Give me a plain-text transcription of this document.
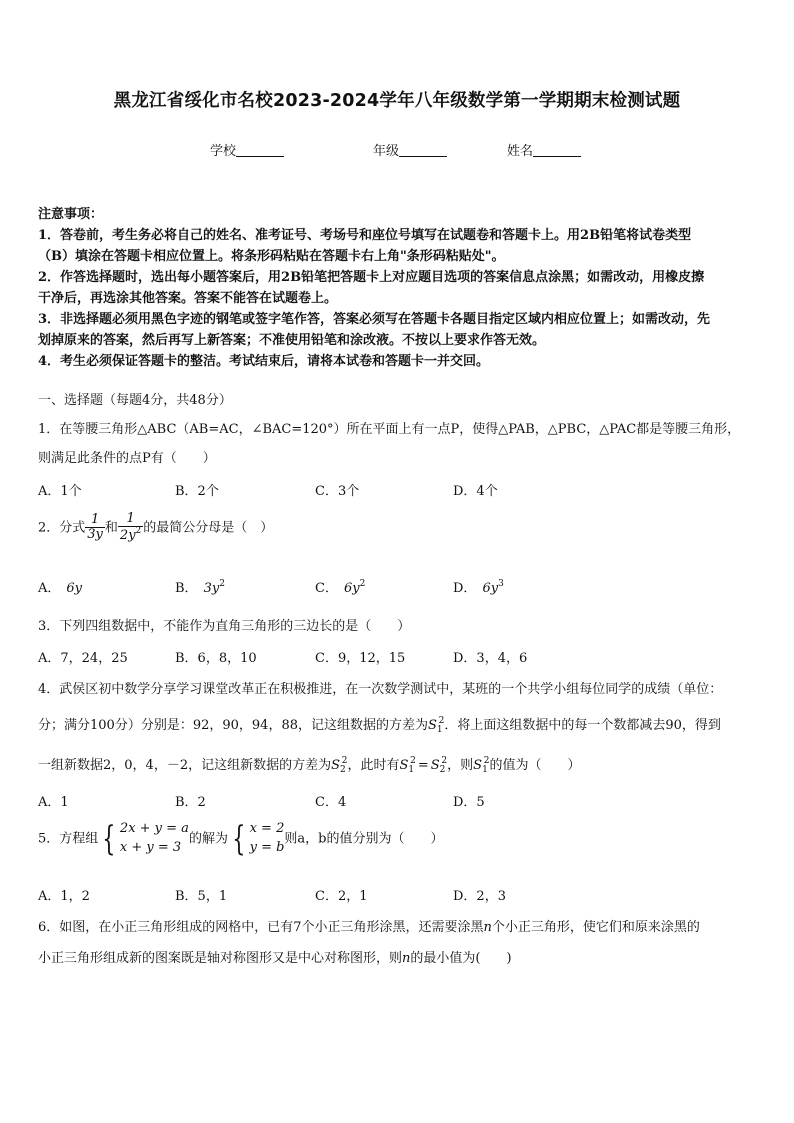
黑龙江省绥化市名校2023-2024学年八年级数学第一学期期末检测试题
学校	年级	姓名
注意事项：
1．答卷前，考生务必将自己的姓名、准考证号、考场号和座位号填写在试题卷和答题卡上。用2B铅笔将试卷类型
（B）填涂在答题卡相应位置上。将条形码粘贴在答题卡右上角"条形码粘贴处"。
2．作答选择题时，选出每小题答案后，用2B铅笔把答题卡上对应题目选项的答案信息点涂黑；如需改动，用橡皮擦
干净后，再选涂其他答案。答案不能答在试题卷上。
3．非选择题必须用黑色字迹的钢笔或签字笔作答，答案必须写在答题卡各题目指定区域内相应位置上；如需改动，先
划掉原来的答案，然后再写上新答案；不准使用铅笔和涂改液。不按以上要求作答无效。
4．考生必须保证答题卡的整洁。考试结束后，请将本试卷和答题卡一并交回。
一、选择题（每题4分，共48分）
1．在等腰三角形△ABC（AB=AC，∠BAC=120°）所在平面上有一点P，使得△PAB，△PBC，△PAC都是等腰三角形，
则满足此条件的点P有（　　）
A．1个	B．2个	C．3个	D．4个
2．分式 $\frac{1}{3y}$ 和 $\frac{1}{2y^2}$ 的最简公分母是（　）
A． 6y	B． $3y^2$	C． $6y^2$	D． $6y^3$
3．下列四组数据中，不能作为直角三角形的三边长的是（　　）
A．7，24，25	B．6，8，10	C．9，12，15	D．3，4，6
4．武侯区初中数学分享学习课堂改革正在积极推进，在一次数学测试中，某班的一个共学小组每位同学的成绩（单位：
分；满分100分）分别是：92，90，94，88，记这组数据的方差为$S_1^2$．将上面这组数据中的每一个数都减去90，得到
一组新数据2，0，4，－2，记这组新数据的方差为$S_2^2$，此时有$S_1^2 = S_2^2$，则$S_1^2$的值为（　　）
A．1	B．2	C．4	D．5
5．方程组 { 2x + y = a
x + y = 3
的解为 { x = 2
y = b
则a，b的值分别为（　　）
A．1，2	B．5，1	C．2，1	D．2，3
6．如图，在小正三角形组成的网格中，已有7个小正三角形涂黑，还需要涂黑n个小正三角形，使它们和原来涂黑的
小正三角形组成新的图案既是轴对称图形又是中心对称图形，则n的最小值为(　　)
